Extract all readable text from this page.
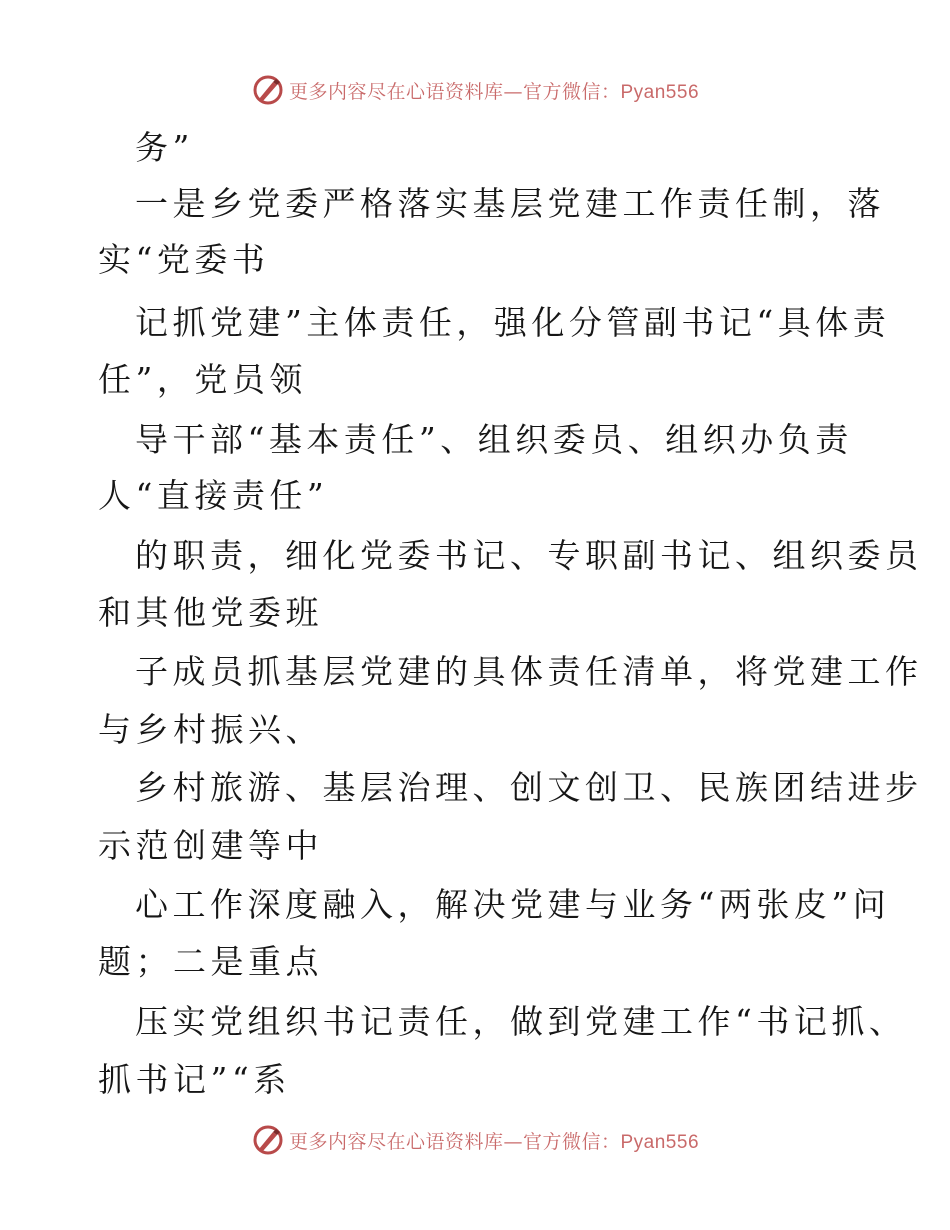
更多内容尽在心语资料库—官方微信：Pyan556
务”
一是乡党委严格落实基层党建工作责任制，落
实“党委书
记抓党建”主体责任，强化分管副书记“具体责
任”，党员领
导干部“基本责任”、组织委员、组织办负责
人“直接责任”
的职责，细化党委书记、专职副书记、组织委员
和其他党委班
子成员抓基层党建的具体责任清单，将党建工作
与乡村振兴、
乡村旅游、基层治理、创文创卫、民族团结进步
示范创建等中
心工作深度融入，解决党建与业务“两张皮”问
题；二是重点
压实党组织书记责任，做到党建工作“书记抓、
抓书记”“系
更多内容尽在心语资料库—官方微信：Pyan556
